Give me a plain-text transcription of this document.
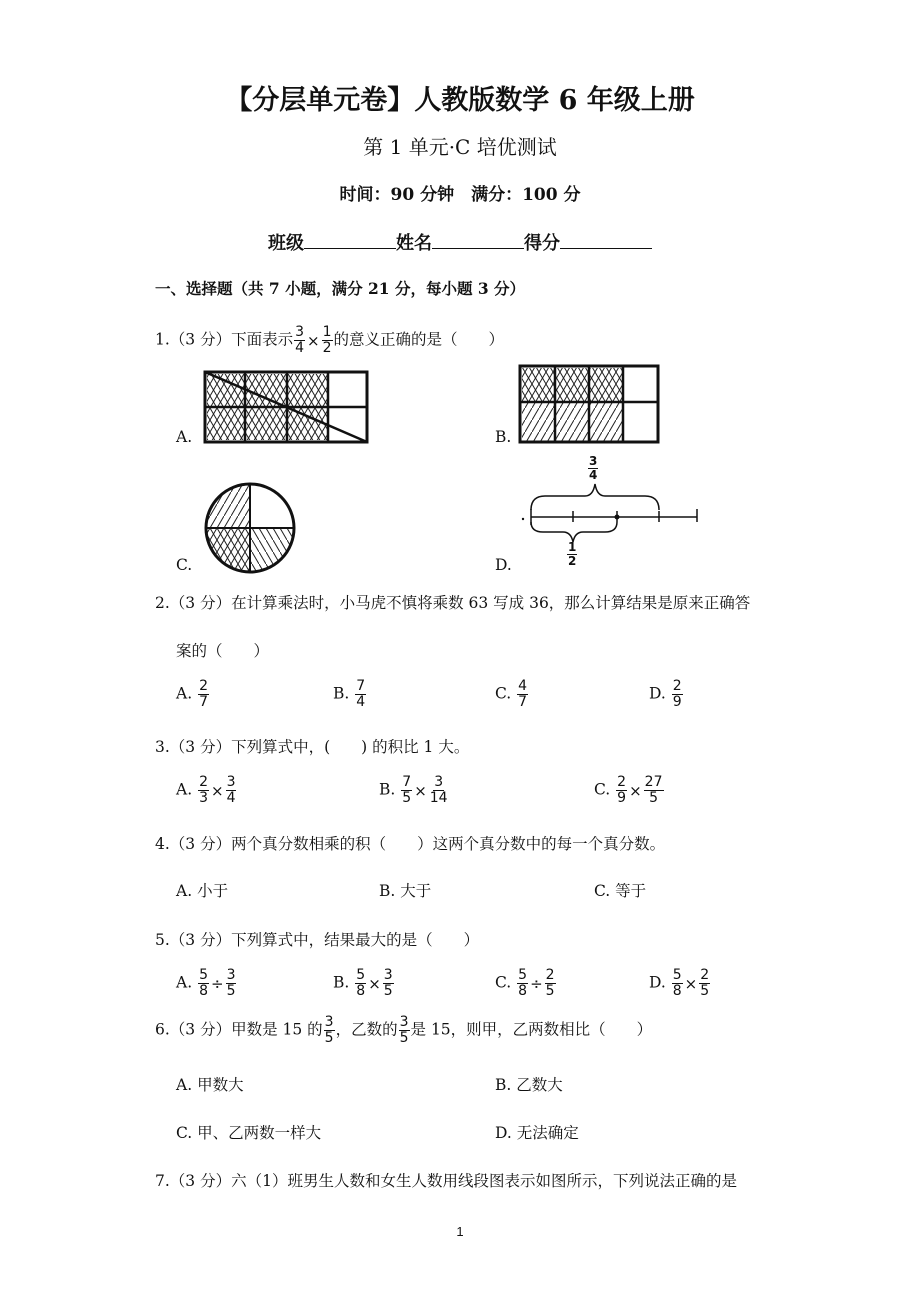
【分层单元卷】人教版数学 6 年级上册
第 1 单元·C 培优测试
时间：90 分钟　 满分：100 分
班级	姓名	得分
一、选择题（共 7 小题，满分 21 分，每小题 3 分）
1.（3 分）下面表示 $\frac{3}{4} \times \frac{1}{2}$ 的意义正确的是（　　）
A.	B.
C.	D.
$\frac{3}{4}$
$\frac{1}{2}$
2.（3 分）在计算乘法时，小马虎不慎将乘数 63 写成 36，那么计算结果是原来正确答
案的（　　）
A. $\frac{2}{7}$	B. $\frac{7}{4}$	C. $\frac{4}{7}$	D. $\frac{2}{9}$
3.（3 分）下列算式中，(　　) 的积比 1 大。
A. $\frac{2}{3} \times \frac{3}{4}$	B. $\frac{7}{5} \times \frac{3}{14}$	C. $\frac{2}{9} \times \frac{27}{5}$
4.（3 分）两个真分数相乘的积（　　）这两个真分数中的每一个真分数。
A. 小于	B. 大于	C. 等于
5.（3 分）下列算式中，结果最大的是（　　）
A. $\frac{5}{8} \div \frac{3}{5}$	B. $\frac{5}{8} \times \frac{3}{5}$	C. $\frac{5}{8} \div \frac{2}{5}$	D. $\frac{5}{8} \times \frac{2}{5}$
6.（3 分）甲数是 15 的 $\frac{3}{5}$ ，乙数的 $\frac{3}{5}$ 是 15，则甲，乙两数相比（　　）
A. 甲数大	B. 乙数大
C. 甲、乙两数一样大	D. 无法确定
7.（3 分）六（1）班男生人数和女生人数用线段图表示如图所示，下列说法正确的是
1
